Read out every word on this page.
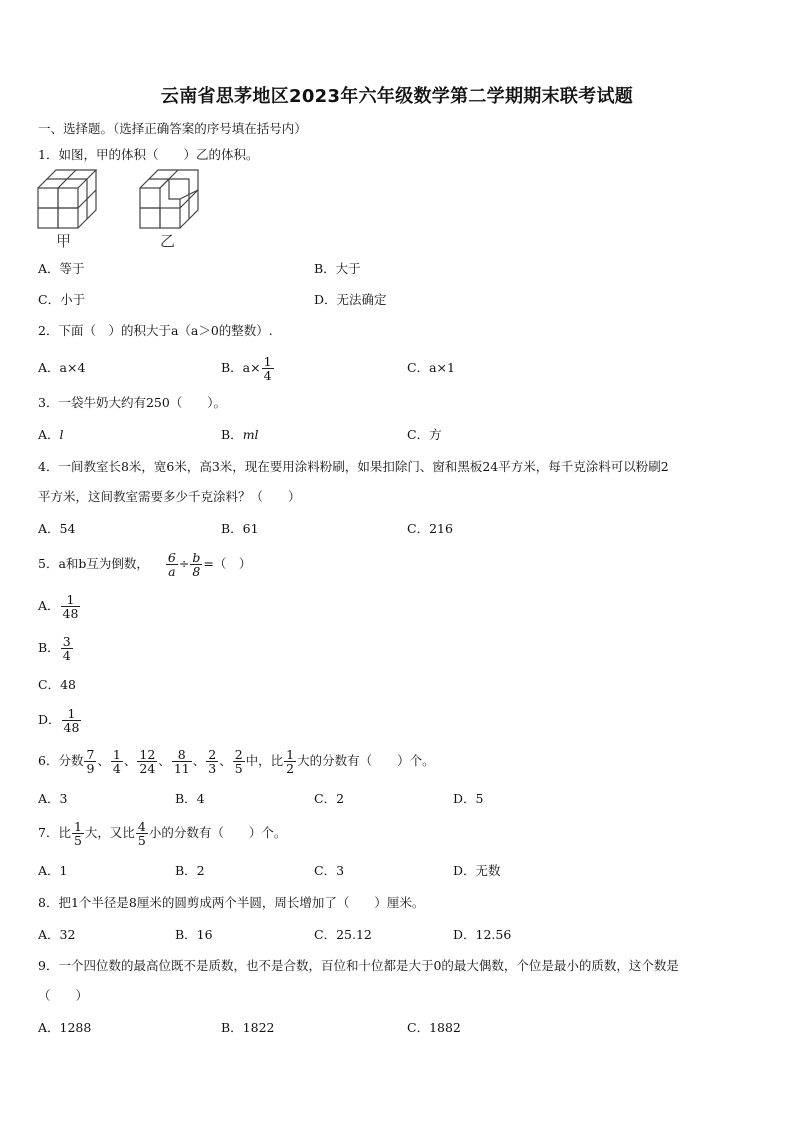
云南省思茅地区2023年六年级数学第二学期期末联考试题
一、选择题。（选择正确答案的序号填在括号内）
1．如图，甲的体积（　　）乙的体积。
甲	乙
A．等于	B．大于
C．小于	D．无法确定
2．下面（　）的积大于a（a＞0的整数）.
A．a×4	B．$a\times \frac{1}{4}$	C．a×1
3．一袋牛奶大约有250（　　）。
A．l	B．ml	C．方
4．一间教室长8米，宽6米，高3米，现在要用涂料粉刷，如果扣除门、窗和黑板24平方米，每千克涂料可以粉刷2
平方米，这间教室需要多少千克涂料？（　　）
A．54	B．61	C．216
5．a和b互为倒数， $\frac{6}{a} \div \frac{b}{8}$ =（　）
A． $\frac{1}{48}$
B． $\frac{3}{4}$
C．48
D． $\frac{1}{48}$
6．分数 $\frac{7}{9}$ 、 $\frac{1}{4}$ 、 $\frac{12}{24}$ 、 $\frac{8}{11}$ 、 $\frac{2}{3}$ 、 $\frac{2}{5}$ 中，比 $\frac{1}{2}$ 大的分数有（　　）个。
A．3	B．4	C．2	D．5
7．比 $\frac{1}{5}$ 大，又比 $\frac{4}{5}$ 小的分数有（　　）个。
A．1	B．2	C．3	D．无数
8．把1个半径是8厘米的圆剪成两个半圆，周长增加了（　　）厘米。
A．32	B．16	C．25.12	D．12.56
9．一个四位数的最高位既不是质数，也不是合数，百位和十位都是大于0的最大偶数，个位是最小的质数，这个数是
（　　）
A．1288	B．1822	C．1882
